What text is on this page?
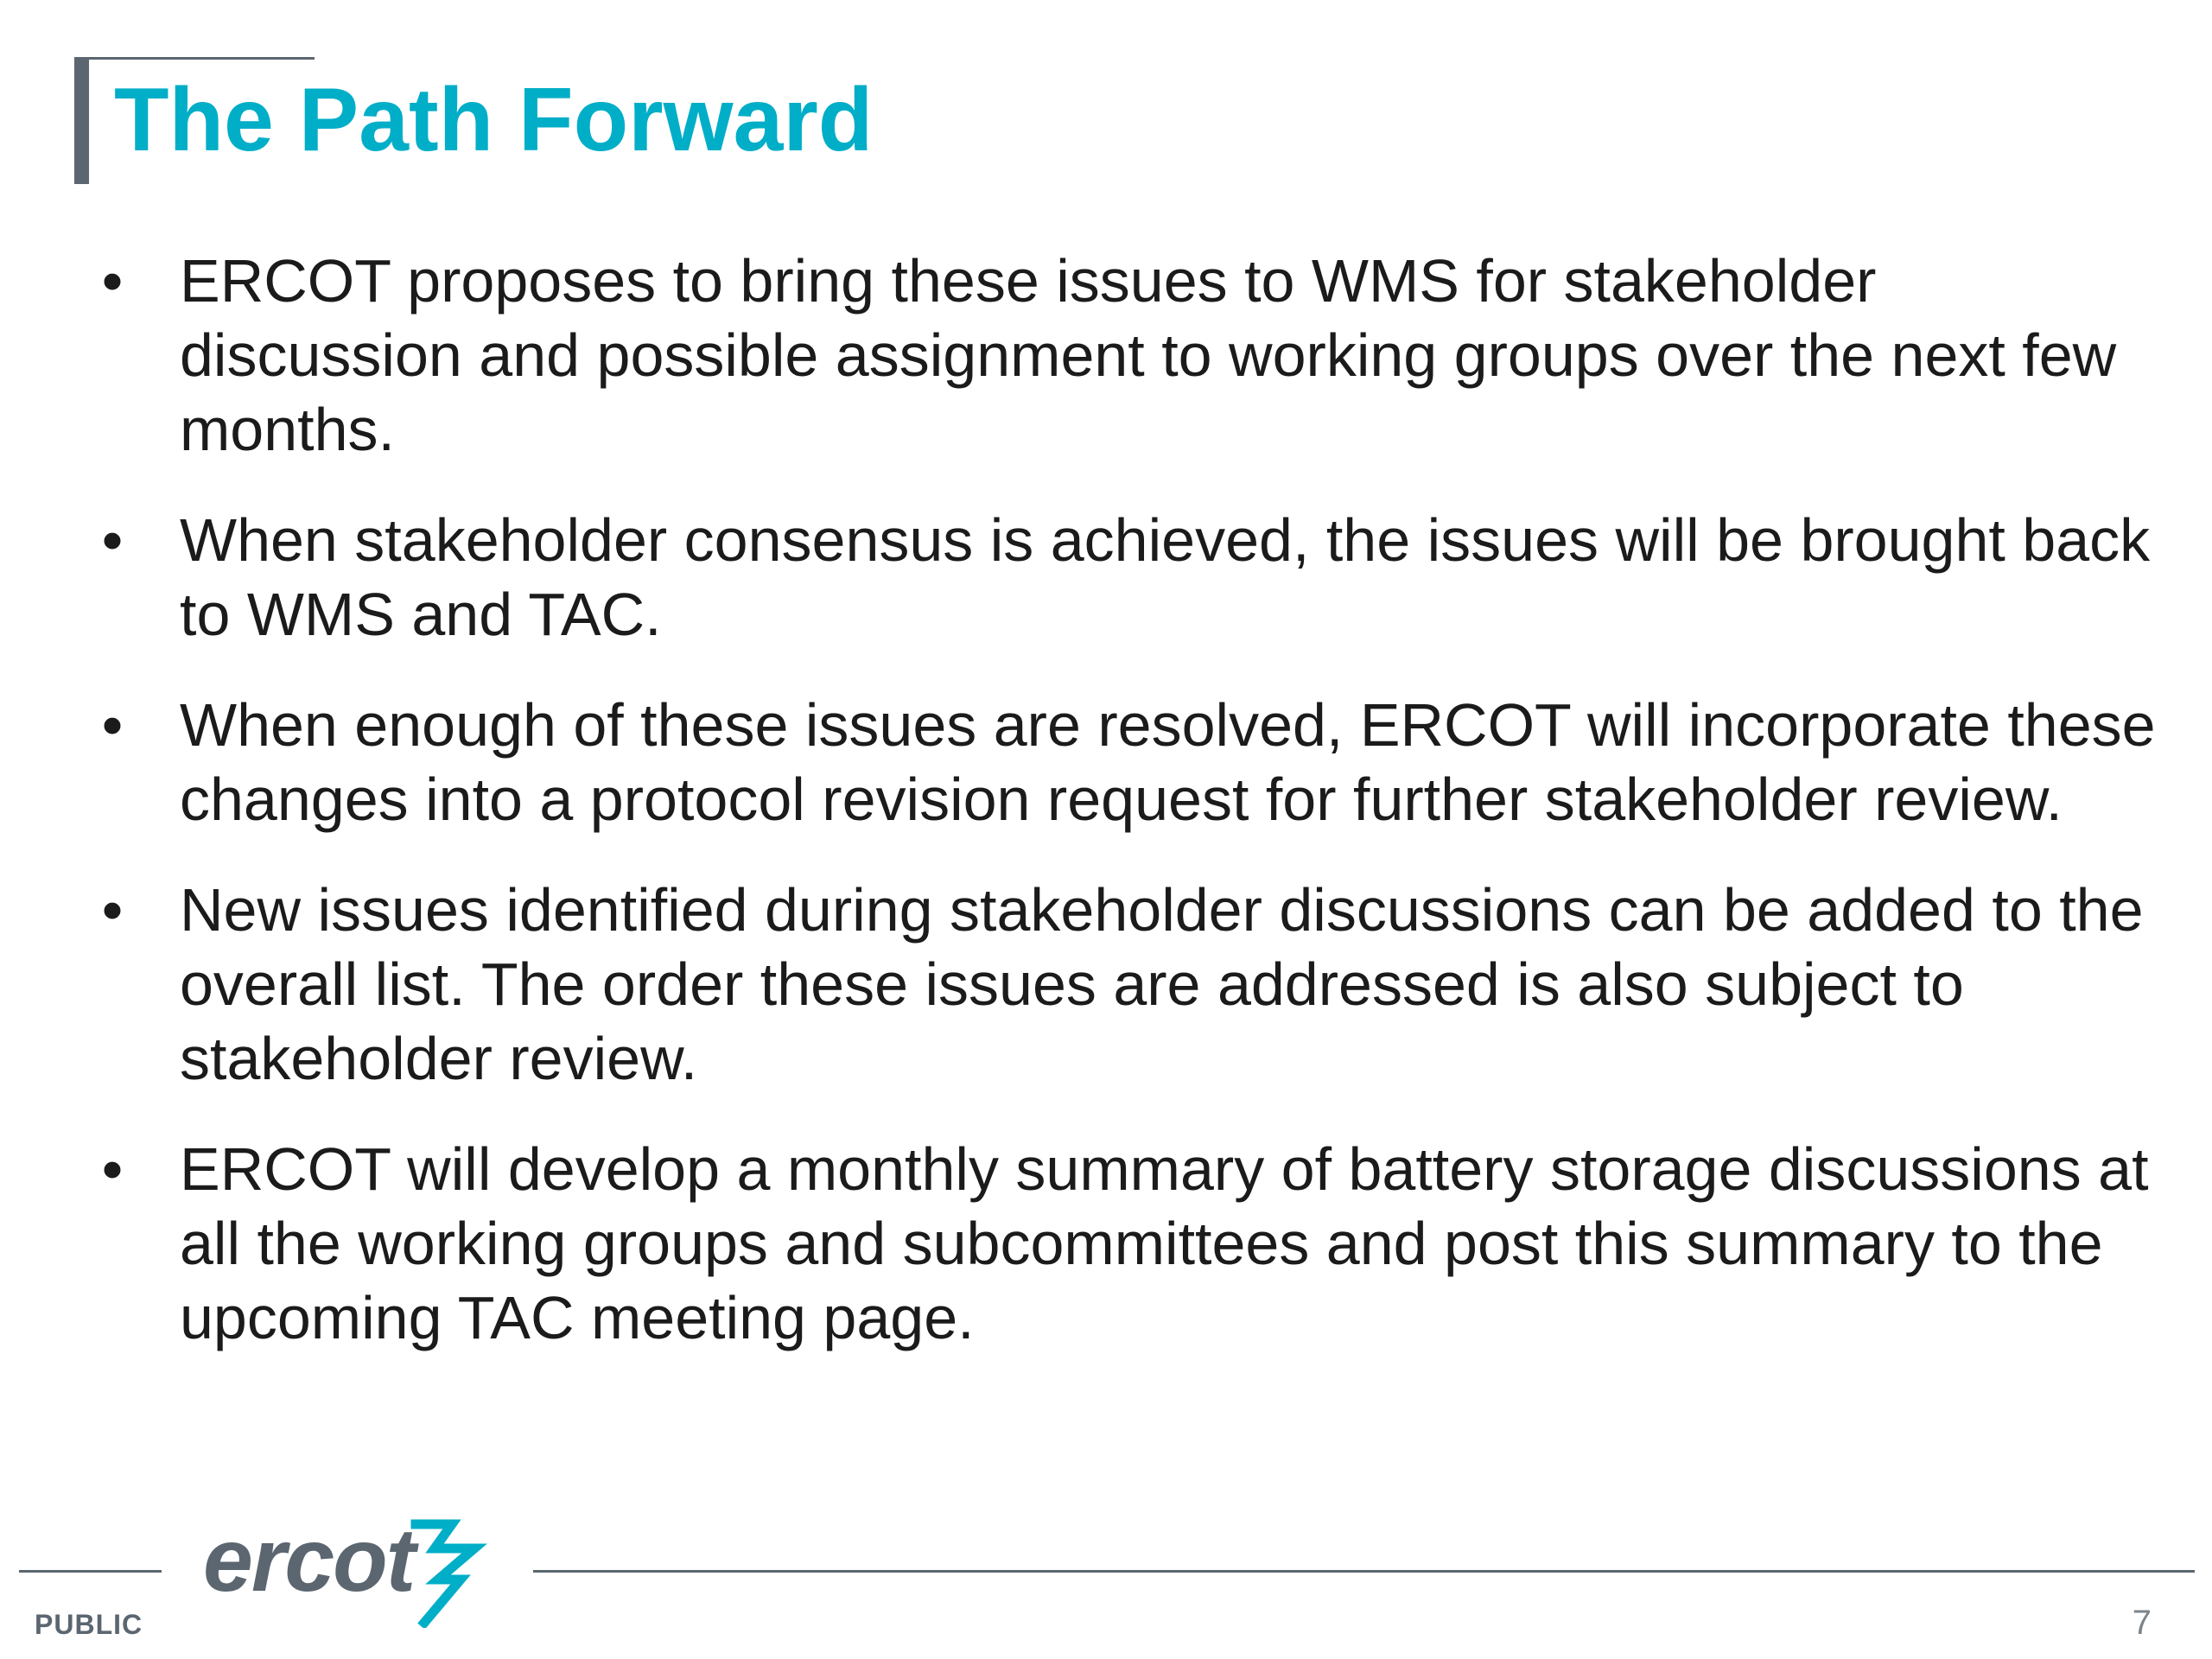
The Path Forward
• ERCOT proposes to bring these issues to WMS for stakeholder discussion and possible assignment to working groups over the next few months.
• When stakeholder consensus is achieved, the issues will be brought back to WMS and TAC.
• When enough of these issues are resolved, ERCOT will incorporate these changes into a protocol revision request for further stakeholder review.
• New issues identified during stakeholder discussions can be added to the overall list. The order these issues are addressed is also subject to stakeholder review.
• ERCOT will develop a monthly summary of battery storage discussions at all the working groups and subcommittees and post this summary to the upcoming TAC meeting page.
ercot
PUBLIC	7
